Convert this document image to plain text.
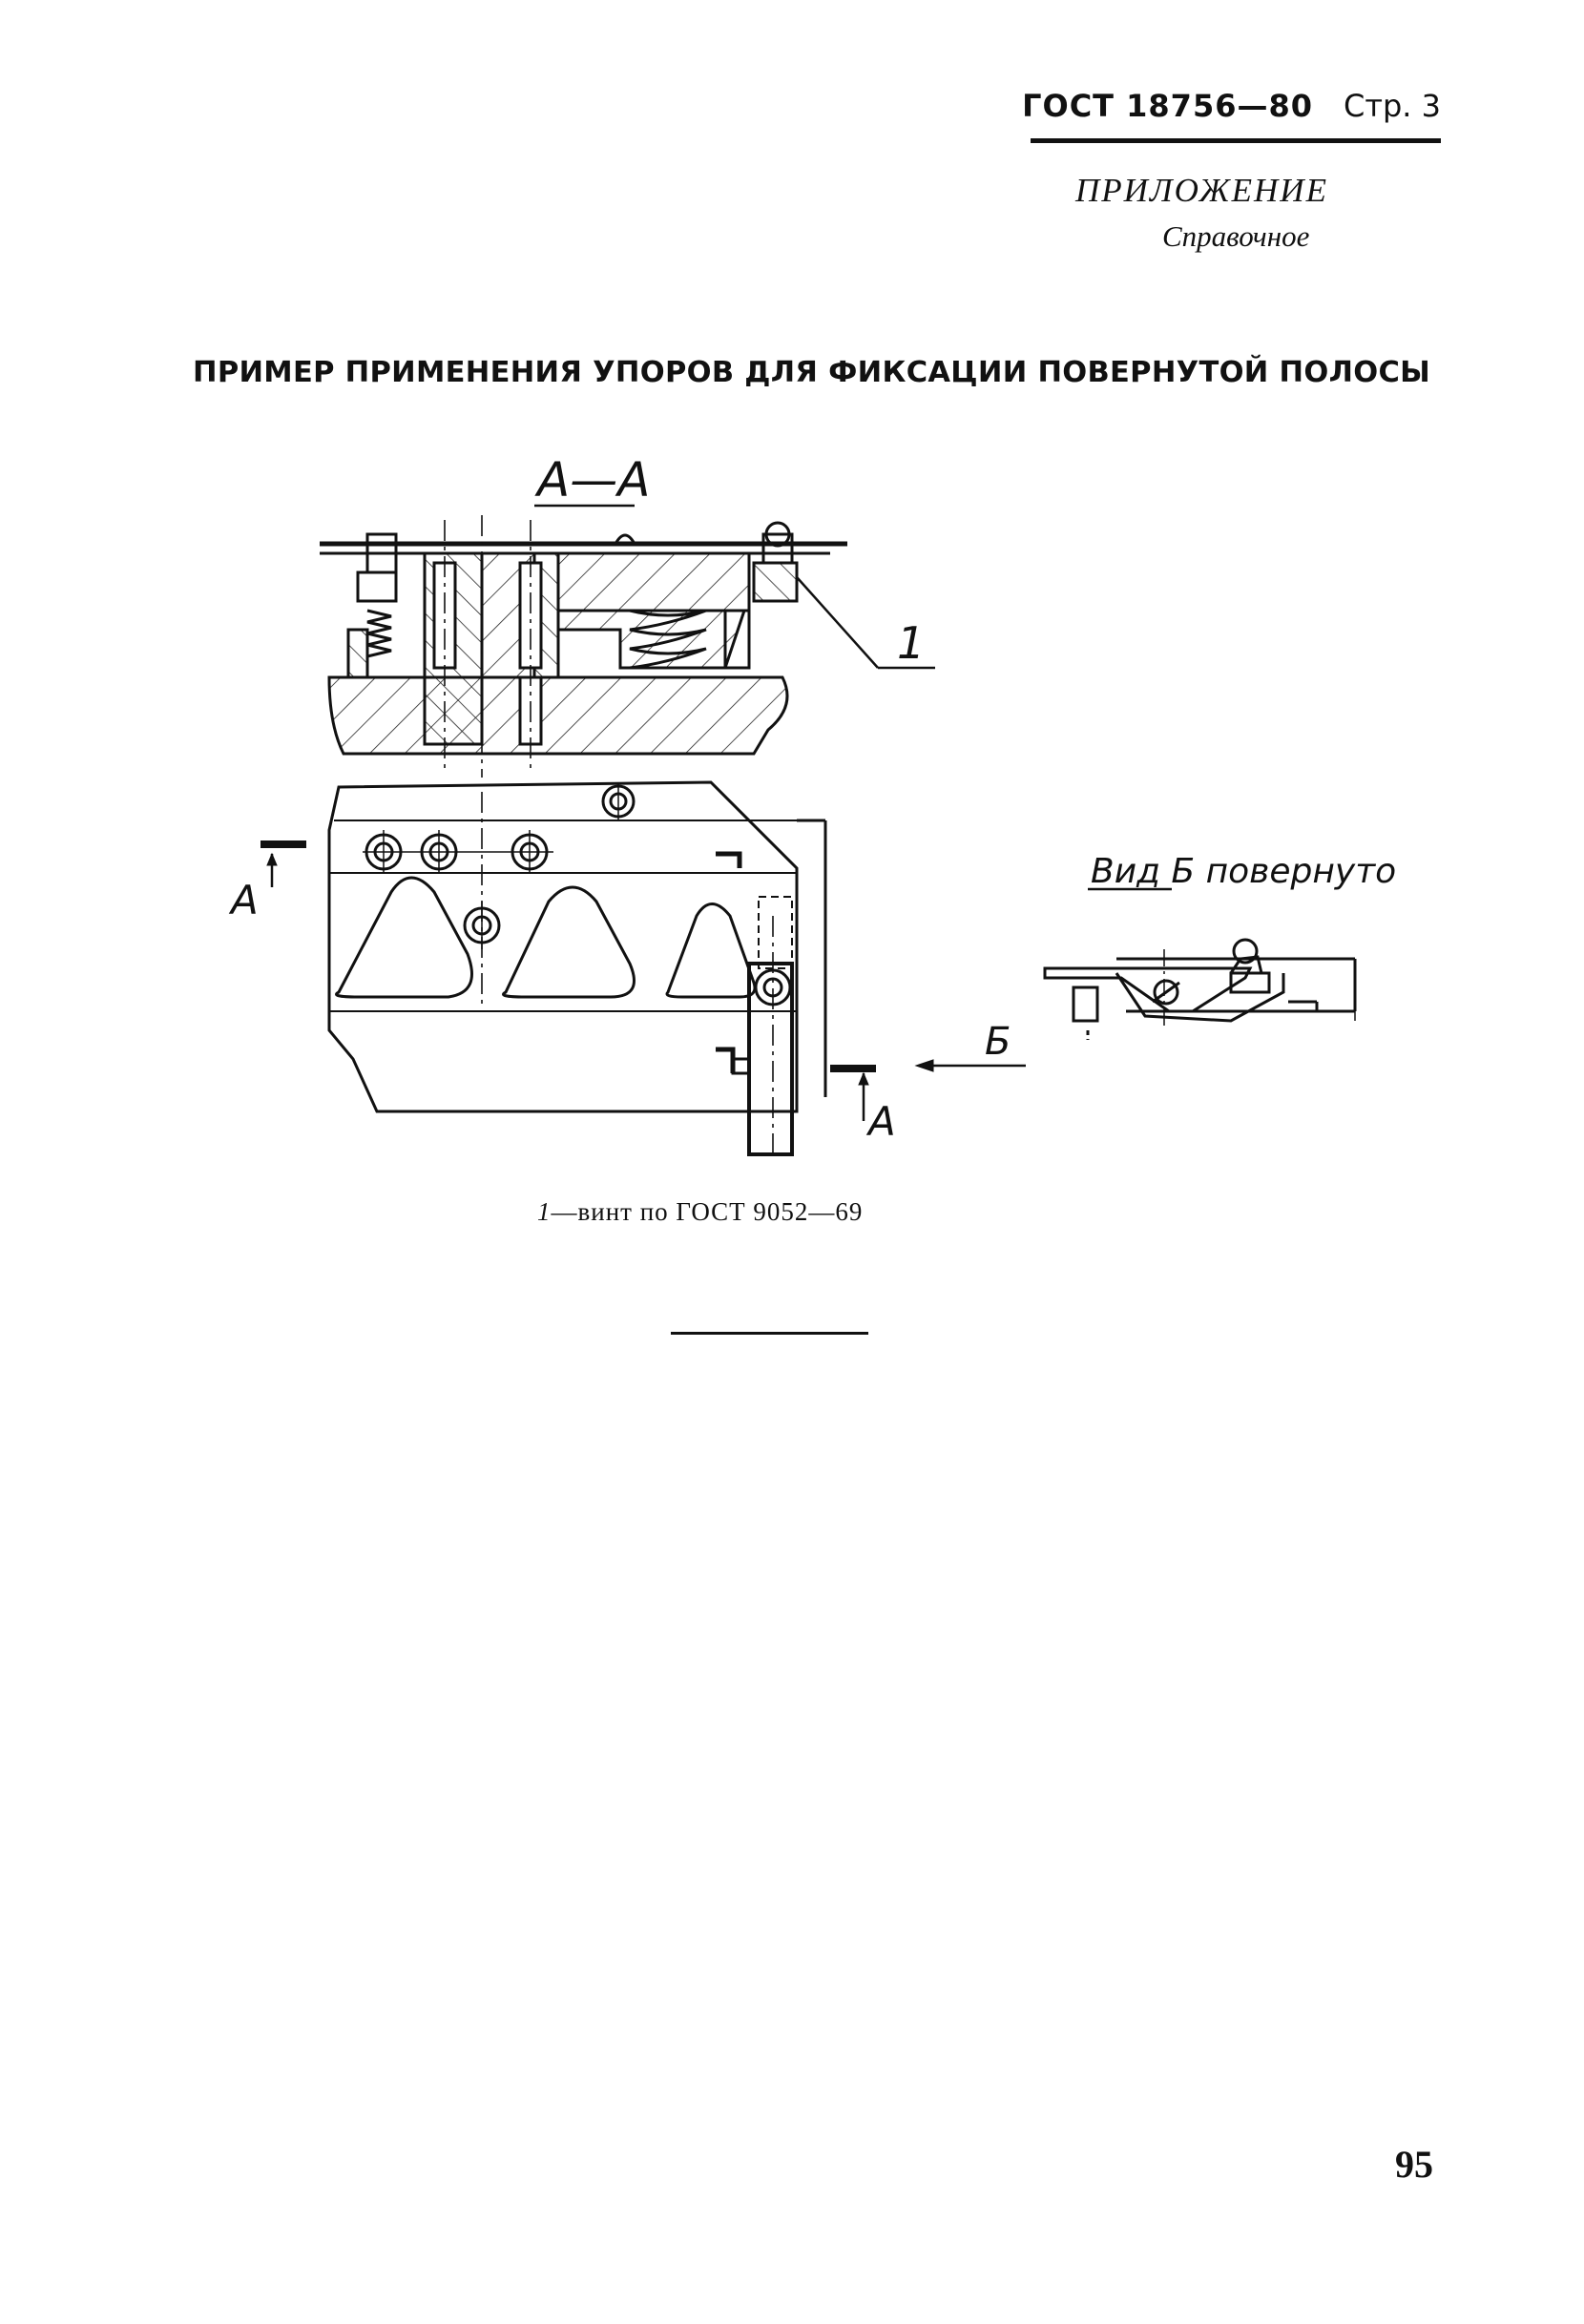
ГОСТ 18756—80 Стр. 3
ПРИЛОЖЕНИЕ
Справочное
ПРИМЕР ПРИМЕНЕНИЯ УПОРОВ ДЛЯ ФИКСАЦИИ ПОВЕРНУТОЙ ПОЛОСЫ
А—А
1
А
А
Б
Вид Б повернуто
1—винт по ГОСТ 9052—69
95
